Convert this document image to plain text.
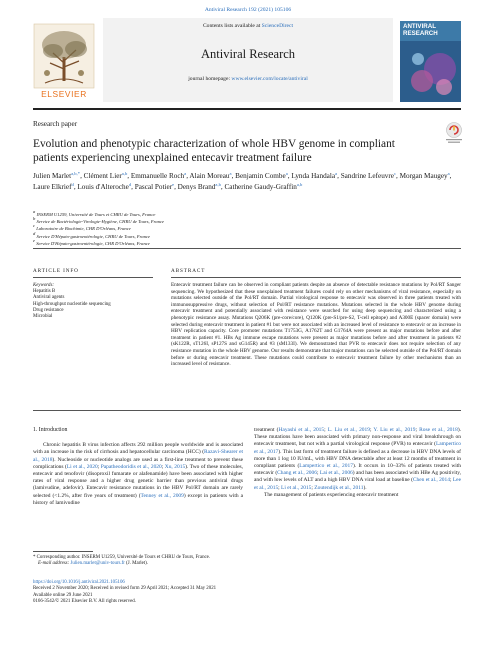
Antiviral Research 192 (2021) 105106
ELSEVIER
Contents lists available at ScienceDirect
Antiviral Research
journal homepage: www.elsevier.com/locate/antiviral
ANTIVIRAL RESEARCH
Research paper
Evolution and phenotypic characterization of whole HBV genome in compliant patients experiencing unexplained entecavir treatment failure
Julien Marlet$^{a,b,*}$, Clément Lier$^{a,b}$, Emmanuelle Roch$^a$, Alain Moreau$^a$, Benjamin Combe$^a$, Lynda Handala$^a$, Sandrine Lefeuvre$^c$, Morgan Maugey$^a$, Laure Elkrief$^d$, Louis d'Alteroche$^d$, Pascal Potier$^e$, Denys Brand$^{a,b}$, Catherine Gaudy-Graffin$^{a,b}$
$^a$ INSERM U1259, Université de Tours et CHRU de Tours, France
$^b$ Service de Bactériologie-Virologie-Hygiène, CHRU de Tours, France
$^c$ Laboratoire de Biochimie, CHR D'Orléans, France
$^d$ Service D'Hépato-gastroentérologie, CHRU de Tours, France
$^e$ Service D'Hépato-gastroentérologie, CHR D'Orléans, France
ARTICLE INFO	ABSTRACT
Keywords:
Hepatitis B
Antiviral agents
High-throughput nucleotide sequencing
Drug resistance
Microbial
Entecavir treatment failure can be observed in compliant patients despite an absence of detectable resistance mutations by Pol/RT Sanger sequencing. We hypothesized that these unexplained treatment failures could rely on other mechanisms of viral resistance, especially on mutations selected outside of the Pol/RT domain. Partial virological response to entecavir was observed in three patients treated with immunosuppressive drugs, without selection of Pol/RT resistance mutations. Mutations selected in the whole HBV genome during entecavir treatment and potentially associated with resistance were searched for using deep sequencing and characterized using a phenotypic resistance assay. Mutations Q206K (pre-core/core), Q120K (pre-S1/pre-S2, T-cell epitope) and A300E (spacer domain) were selected during entecavir treatment in patient #1 but were not associated with an increased level of resistance to entecavir or an increase in HBV replication capacity. Core promoter mutations T1753G, A1762T and G1764A were present as major mutations before and after treatment in patient #1. HBs Ag immune escape mutations were present as major mutations before and after treatment in patients #2 (sK122R, sT126I, sP127S and sG145R) and #3 (sM133I). We demonstrated that PVR to entecavir does not require selection of any resistance mutation in the whole HBV genome. Our results demonstrate that major mutations can be selected outside of the Pol/RT domain before or during entecavir treatment. These mutations could contribute to entecavir treatment failure by other mechanisms than an increased level of resistance.
1. Introduction

Chronic hepatitis B virus infection affects 292 million people worldwide and is associated with an increase in the risk of cirrhosis and hepatocellular carcinoma (HCC) (Razavi-Shearer et al., 2018). Nucleoside or nucleotide analogs are used as a first-line treatment to prevent these complications (Li et al., 2020; Papatheodoridis et al., 2020; Xu, 2015). Two of these molecules, entecavir and tenofovir (disoproxil fumarate or alafenamide) have been associated with higher rates of viral response and a higher drug genetic barrier than previous antiviral drugs (lamivudine, adefovir). Entecavir resistance mutations in the HBV Pol/RT domain are rarely selected (<1.2%, after five years of treatment) (Tenney et al., 2009) except in patients with a history of lamivudine

treatment (Hayashi et al., 2015; L. Liu et al., 2019; Y. Liu et al., 2019; Rose et al., 2018). These mutations have been associated with primary non-response and viral breakthrough on entecavir treatment, but not with a partial virological response (PVR) to entecavir (Lampertico et al., 2017). This last form of treatment failure is defined as a decrease in HBV DNA levels of more than 1 log 10 IU/mL, with HBV DNA detectable after at least 12 months of treatment in compliant patients (Lampertico et al., 2017). It occurs in 10–33% of patients treated with entecavir (Chang et al., 2006; Lai et al., 2006) and has been associated with HBe Ag positivity, and with low levels of ALT and a high HBV DNA viral load at baseline (Chen et al., 2014; Lee et al., 2015; Li et al., 2015; Zoutendijk et al., 2011).

The management of patients experiencing entecavir treatment

* Corresponding author. INSERM U1259, Université de Tours et CHRU de Tours, France.
E-mail address: Julien.marlet@univ-tours.fr (J. Marlet).
https://doi.org/10.1016/j.antiviral.2021.105106
Received 2 November 2020; Received in revised form 29 April 2021; Accepted 31 May 2021
Available online 29 June 2021
0166-3542/© 2021 Elsevier B.V. All rights reserved.
